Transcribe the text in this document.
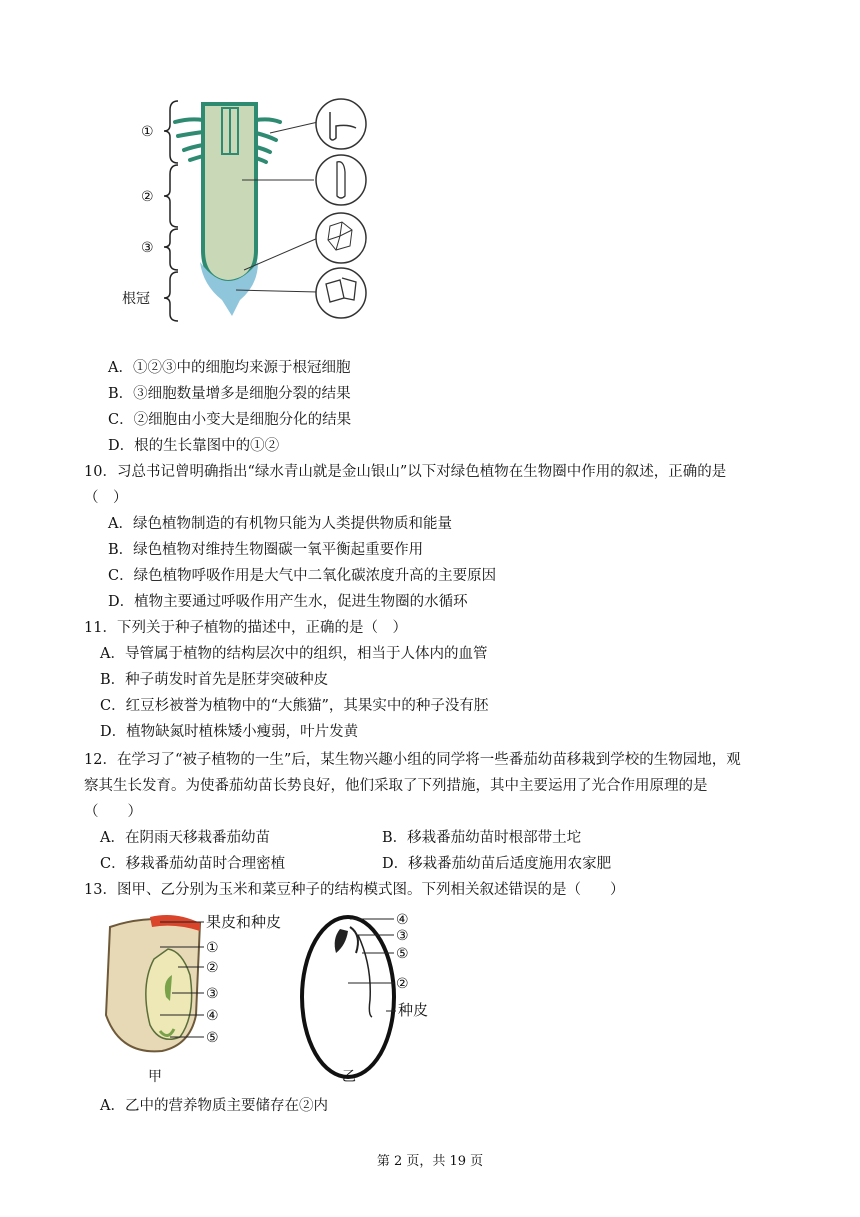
①
②
③
根冠
A．①②③中的细胞均来源于根冠细胞
B．③细胞数量增多是细胞分裂的结果
C．②细胞由小变大是细胞分化的结果
D．根的生长靠图中的①②
10．习总书记曾明确指出“绿水青山就是金山银山”以下对绿色植物在生物圈中作用的叙述，正确的是
（　）
A．绿色植物制造的有机物只能为人类提供物质和能量
B．绿色植物对维持生物圈碳一氧平衡起重要作用
C．绿色植物呼吸作用是大气中二氧化碳浓度升高的主要原因
D．植物主要通过呼吸作用产生水，促进生物圈的水循环
11．下列关于种子植物的描述中，正确的是（　）
A．导管属于植物的结构层次中的组织，相当于人体内的血管
B．种子萌发时首先是胚芽突破种皮
C．红豆杉被誉为植物中的“大熊猫”，其果实中的种子没有胚
D．植物缺氮时植株矮小瘦弱，叶片发黄
12．在学习了“被子植物的一生”后，某生物兴趣小组的同学将一些番茄幼苗移栽到学校的生物园地，观
察其生长发育。为使番茄幼苗长势良好，他们采取了下列措施，其中主要运用了光合作用原理的是
（　　）
A．在阴雨天移栽番茄幼苗	B．移栽番茄幼苗时根部带土坨
C．移栽番茄幼苗时合理密植	D．移栽番茄幼苗后适度施用农家肥
13．图甲、乙分别为玉米和菜豆种子的结构模式图。下列相关叙述错误的是（　　）
果皮和种皮
①
②
③
④
⑤
甲
④
③
⑤
②
种皮
乙
A．乙中的营养物质主要储存在②内
第 2 页，共 19 页
